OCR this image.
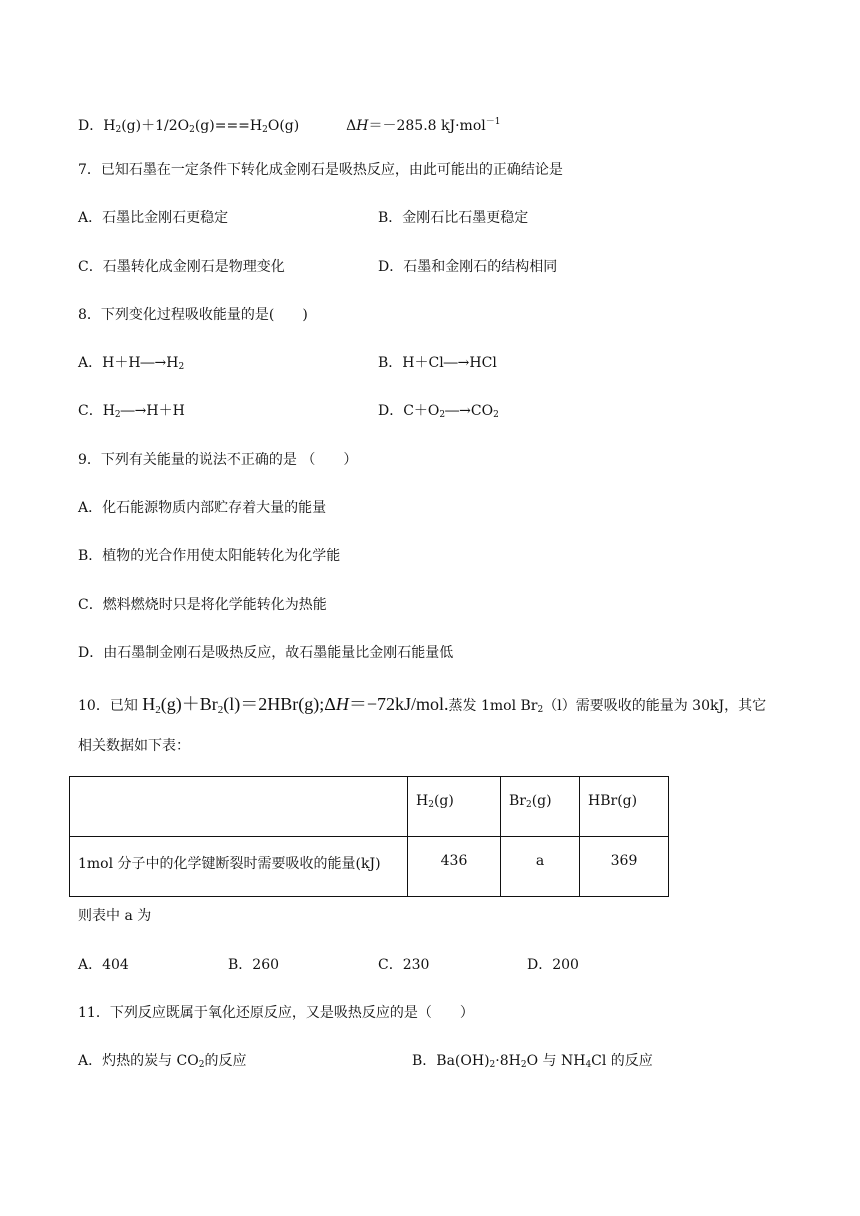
D．$H_2(g)+1/2O_2(g)===H_2O(g)$	ΔH＝－285.8 kJ·mol$^{-1}$
7．已知石墨在一定条件下转化成金刚石是吸热反应，由此可能出的正确结论是
A．石墨比金刚石更稳定	B．金刚石比石墨更稳定
C．石墨转化成金刚石是物理变化	D．石墨和金刚石的结构相同
8．下列变化过程吸收能量的是(　　)
A．$H+H―\to H_2$	B．H＋Cl―→HCl
C．$H_2―\to H+H$	D．$C+O_2―\to CO_2$
9．下列有关能量的说法不正确的是 （　　）
A．化石能源物质内部贮存着大量的能量
B．植物的光合作用使太阳能转化为化学能
C．燃料燃烧时只是将化学能转化为热能
D．由石墨制金刚石是吸热反应，故石墨能量比金刚石能量低
10．已知 $H_2(g)+Br_2(l)=2HBr(g);\Delta H=-72kJ$/mol.蒸发 1mol $Br_2(l)$需要吸收的能量为 30kJ，其它
相关数据如下表：

	$H_2(g)$	$Br_2(g)$	HBr(g)

1mol 分子中的化学键断裂时需要吸收的能量(kJ)	436	a	369
则表中 a 为
A．404	B．260	C．230	D．200
11．下列反应既属于氧化还原反应，又是吸热反应的是（　　）
A．灼热的炭与 $CO_2$的反应	B．$Ba(OH)_2\cdot 8H_2O$ 与 $NH_4Cl$ 的反应
